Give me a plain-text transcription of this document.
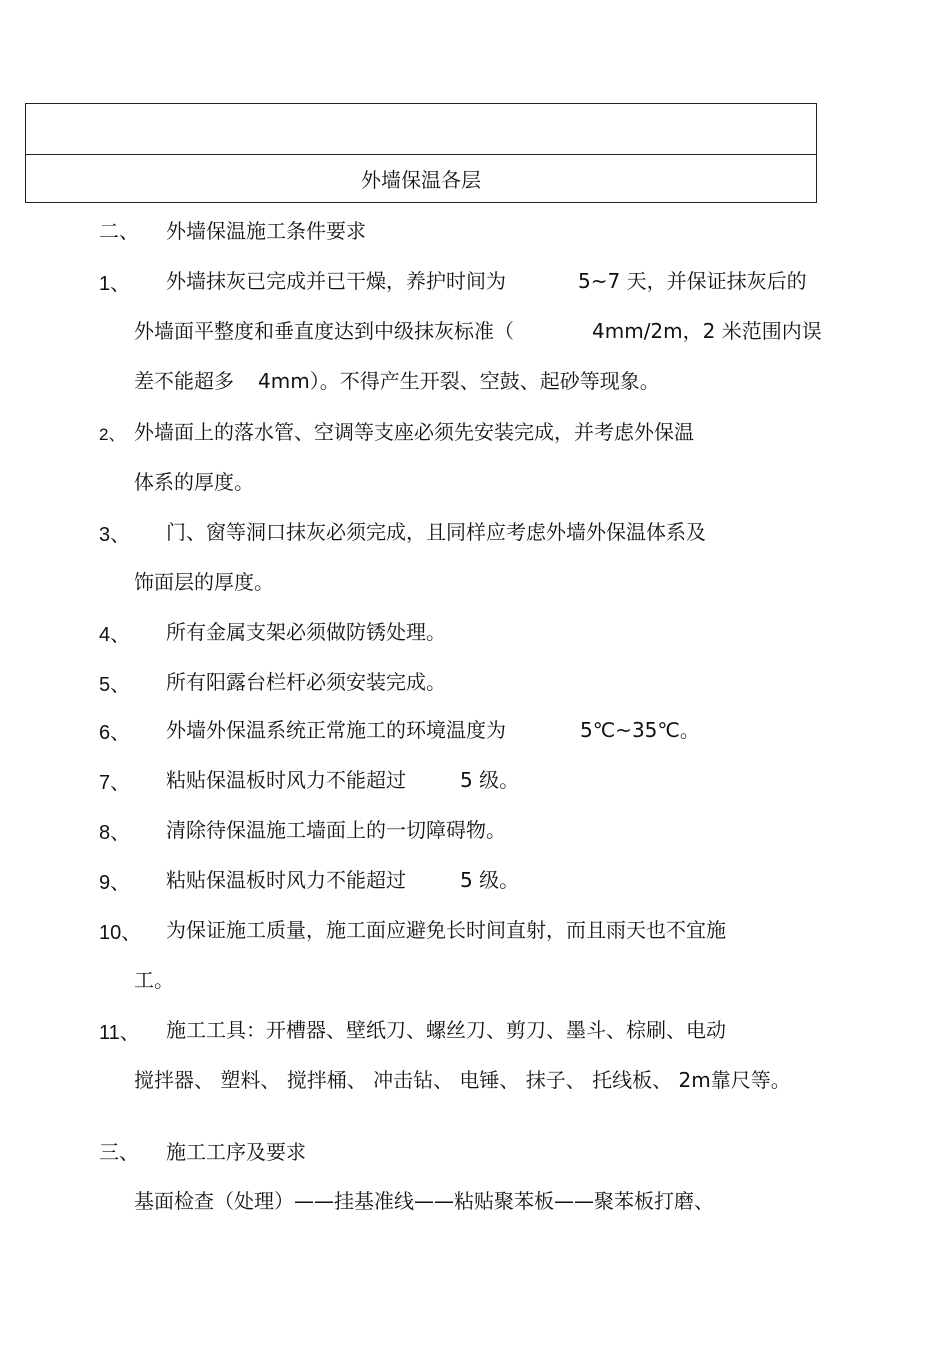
外墙保温各层
二、 外墙保温施工条件要求
1、 外墙抹灰已完成并已干燥，养护时间为	5~7 天，并保证抹灰后的
外墙面平整度和垂直度达到中级抹灰标准（	4mm/2m，2 米范围内误
差不能超多 4mm）。不得产生开裂、空鼓、起砂等现象。
2、 外墙面上的落水管、空调等支座必须先安装完成，并考虑外保温
体系的厚度。
3、 门、窗等洞口抹灰必须完成，且同样应考虑外墙外保温体系及
饰面层的厚度。
4、 所有金属支架必须做防锈处理。
5、 所有阳露台栏杆必须安装完成。
6、 外墙外保温系统正常施工的环境温度为	5℃~35℃。
7、 粘贴保温板时风力不能超过	5 级。
8、 清除待保温施工墙面上的一切障碍物。
9、 粘贴保温板时风力不能超过	5 级。
10、 为保证施工质量，施工面应避免长时间直射，而且雨天也不宜施
工。
11、 施工工具：开槽器、壁纸刀、螺丝刀、剪刀、墨斗、棕刷、电动
搅拌器、 塑料、 搅拌桶、 冲击钻、 电锤、 抹子、 托线板、 2m靠尺等。
三、 施工工序及要求
基面检查（处理）——挂基准线——粘贴聚苯板——聚苯板打磨、
